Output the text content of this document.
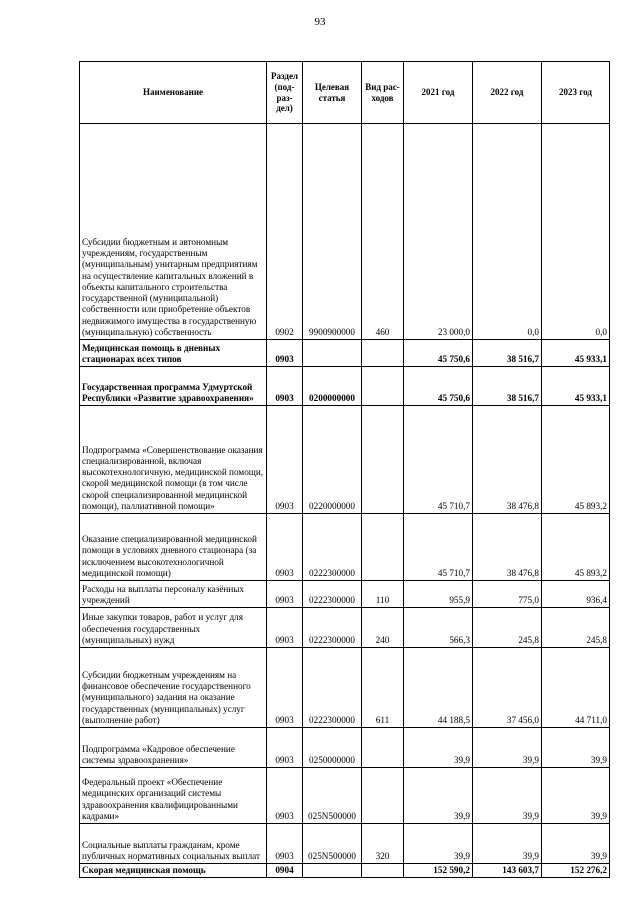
93
Наименование	Раздел (под-раз-дел)	Целевая статья	Вид рас-ходов	2021 год	2022 год	2023 год

Субсидии бюджетным и автономным учреждениям, государственным (муниципальным) унитарным предприятиям на осуществление капитальных вложений в объекты капитального строительства государственной (муниципальной) собственности или приобретение объектов недвижимого имущества в государственную (муниципальную) собственность	0902	9900900000	460	23 000,0	0,0	0,0

Медицинская помощь в дневных стационарах всех типов	0903			45 750,6	38 516,7	45 933,1

Государственная программа Удмуртской Республики «Развитие здравоохранения»	0903	0200000000		45 750,6	38 516,7	45 933,1

Подпрограмма «Совершенствование оказания специализированной, включая высокотехнологичную, медицинской помощи, скорой медицинской помощи (в том числе скорой специализированной медицинской помощи), паллиативной помощи»	0903	0220000000		45 710,7	38 476,8	45 893,2

Оказание специализированной медицинской помощи в условиях дневного стационара (за исключением высокотехнологичной медицинской помощи)	0903	0222300000		45 710,7	38 476,8	45 893,2

Расходы на выплаты персоналу казённых учреждений	0903	0222300000	110	955,9	775,0	936,4

Иные закупки товаров, работ и услуг для обеспечения государственных (муниципальных) нужд	0903	0222300000	240	566,3	245,8	245,8

Субсидии бюджетным учреждениям на финансовое обеспечение государственного (муниципального) задания на оказание государственных (муниципальных) услуг (выполнение работ)	0903	0222300000	611	44 188,5	37 456,0	44 711,0

Подпрограмма «Кадровое обеспечение системы здравоохранения»	0903	0250000000		39,9	39,9	39,9

Федеральный проект «Обеспечение медицинских организаций системы здравоохранения квалифицированными кадрами»	0903	025N500000		39,9	39,9	39,9

Социальные выплаты гражданам, кроме публичных нормативных социальных выплат	0903	025N500000	320	39,9	39,9	39,9

Скорая медицинская помощь	0904			152 590,2	143 603,7	152 276,2
